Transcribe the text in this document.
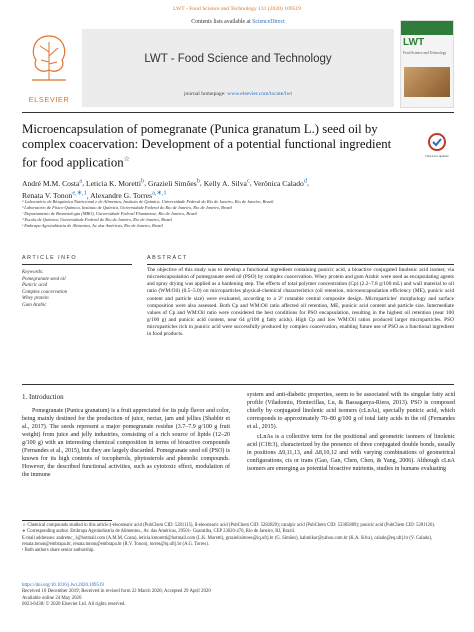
LWT - Food Science and Technology 131 (2020) 109519
ELSEVIER
Contents lists available at ScienceDirect
LWT - Food Science and Technology
journal homepage: www.elsevier.com/locate/lwt
LWT
Food Science and Technology
Microencapsulation of pomegranate (Punica granatum L.) seed oil by complex coacervation: Development of a potential functional ingredient for food application☆	Check for updates
André M.M. Costa$^a$, Leticia K. Moretti$^b$, Grazieli Simões$^b$, Kelly A. Silva$^c$, Verônica Calado$^d$,
Renata V. Tonon$^{e,∗,1}$, Alexandre G. Torres$^{a,∗,1}$
ᵃ Laboratório de Bioquímica Nutricional e de Alimentos, Instituto de Química, Universidade Federal do Rio de Janeiro, Rio de Janeiro, Brazil
ᵇ Laboratório de Físico-Química, Instituto de Química, Universidade Federal do Rio de Janeiro, Rio de Janeiro, Brazil
ᶜ Departamento de Bromatologia (MBO), Universidade Federal Fluminense, Rio de Janeiro, Brazil
ᵈ Escola de Química, Universidade Federal do Rio de Janeiro, Rio de Janeiro, Brazil
ᵉ Embrapa Agroindústria de Alimentos, Av. das Américas, Rio de Janeiro, Brazil
ARTICLE INFO	ABSTRACT
Keywords:
Pomegranate seed oil
Punicic acid
Complex coacervation
Whey protein
Gum Arabic
The objective of this study was to develop a functional ingredient containing punicic acid, a bioactive conjugated linolenic acid isomer, via microencapsulation of pomegranate seed oil (PSO) by complex coacervation. Whey protein and gum Arabic were used as encapsulating agents and spray drying was applied as a hardening step. The effects of total polymer concentration (Cp) (2.2–7.8 g/100 mL) and wall material to oil ratio (WM:Oil) (0.5–5.0) on microparticles physical-chemical characteristics (oil retention, microencapsulation efficiency (ME), punicic acid content and particle size) were evaluated, according to a 2² rotatable central composite design. Microparticles' morphology and surface composition were also assessed. Both Cp and WM:Oil ratio affected oil retention, ME, punicic acid content and particle size. Intermediate values of Cp and WM:Oil ratio were considered the best conditions for PSO encapsulation, resulting in the highest oil retention (near 100 g/100 g) and punicic acid content, near 64 g/100 g fatty acids). High Cp and low WM:Oil ratios produced larger microparticles. PSO microparticles rich in punicic acid were successfully produced by complex coacervation, enabling future use of PSO as a functional ingredient in food products.
1. Introduction
Pomegranate (Punica granatum) is a fruit appreciated for its pulp flavor and color, being mainly destined for the production of juice, nectar, jam and jellies (Shabbir et al., 2017). The seeds represent a major pomegranate residue (3.7–7.9 g/100 g fruit weight) from juice and jelly industries, consisting of a rich source of lipids (12–20 g/100 g) with an interesting chemical composition in terms of bioactive compounds (Fernandes et al., 2015), but they are largely discarded. Pomegranate seed oil (PSO) is known for its high contents of tocopherols, phytosterols and phenolic compounds. However, the described functional activities, such as cytotoxic effect, modulation of the immune
system and anti-diabetic properties, seem to be associated with its singular fatty acid profile (Viladomiu, Hontecillas, Lu, & Bassaganya-Riera, 2013). PSO is composed chiefly by conjugated linolenic acid isomers (cLnAs), specially punicic acid, which corresponds to approximately 70–80 g/100 g of total fatty acids in the oil (Fernandes et al., 2015).
cLnAs is a collective term for the positional and geometric isomers of linolenic acid (C18:3), characterized by the presence of three conjugated double bonds, usually in positions Δ9,11,13, and Δ8,10,12 and with varying combinations of geometrical configurations, cis or trans (Gao, Gan, Chen, Chen, & Yang, 2006). Although cLnA isomers are emerging as potential bioactive nutrients, studies in humans evaluating
☆ Chemical compounds studied in this article:(-eleostearic acid (PubChem CID: 5281115), ß-eleostearic acid (PubChem CID: 5282820); catalpic acid (PubChem CID: 53385889); punicic acid (PubChem CID: 5281126).
∗ Corresponding author. Embrapa Agroindústria de Alimentos., Av. das Américas, 29501- Guaratiba, CEP 23020-470, Rio de Janeiro, RJ, Brazil.
E-mail addresses: andremc_1@hotmail.com (A.M.M. Costa), leticia.kmoretti@hotmail.com (L.K. Moretti), grazielisimoes@iq.ufrj.br (G. Simões), kahmikar@yahoo.com.br (K.A. Silva), calado@eq.ufrj.br (V. Calado), renata.tonon@embrapa.br, renata.tonon@embrapa.br (R.V. Tonon), torres@iq.ufrj.br (A.G. Torres).
¹ Both authors share senior authorship.
https://doi.org/10.1016/j.lwt.2020.109519
Received 10 December 2019; Received in revised form 22 March 2020; Accepted 29 April 2020
Available online 24 May 2020
0023-6438/ © 2020 Elsevier Ltd. All rights reserved.
